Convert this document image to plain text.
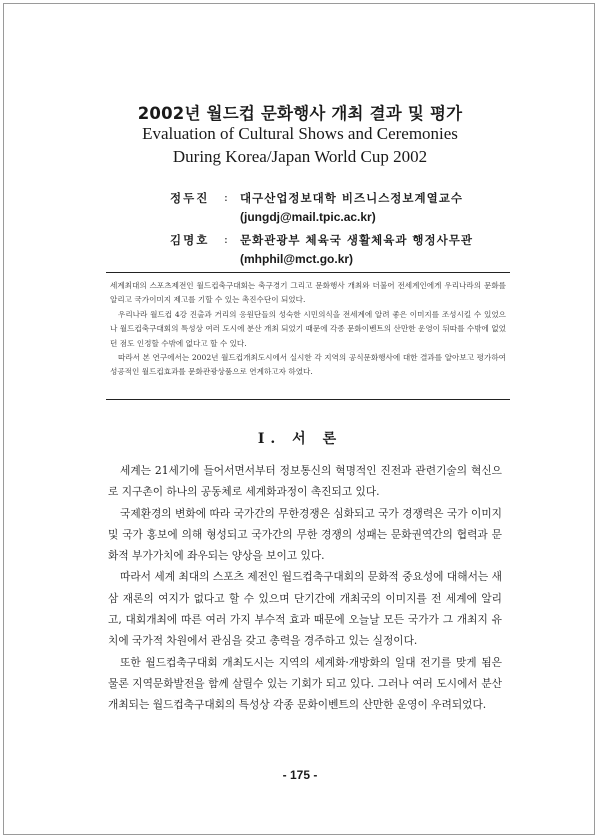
2002년 월드컵 문화행사 개최 결과 및 평가

Evaluation of Cultural Shows and Ceremonies

During Korea/Japan World Cup 2002

정두진 : 대구산업정보대학 비즈니스정보계열교수
(jungdj@mail.tpic.ac.kr)
김명호 : 문화관광부 체육국 생활체육과 행정사무관
(mhphil@mct.go.kr)

세계최대의 스포츠제전인 월드컵축구대회는 축구경기 그리고 문화행사 개최와 더불어 전세계인에게 우리나라의 문화를 알리고 국가이미지 제고를 기할 수 있는 촉진수단이 되었다.

우리나라 월드컵 4강 진출과 거리의 응원단들의 성숙한 시민의식을 전세계에 알려 좋은 이미지를 조성시킬 수 있었으나 월드컵축구대회의 특성상 여러 도시에 분산 개최 되었기 때문에 각종 문화이벤트의 산만한 운영이 뒤따를 수밖에 없었던 점도 인정할 수밖에 없다고 할 수 있다.

따라서 본 연구에서는 2002년 월드컵개최도시에서 실시한 각 지역의 공식문화행사에 대한 결과를 알아보고 평가하여 성공적인 월드컵효과를 문화관광상품으로 연계하고자 하였다.

Ⅰ. 서 론

세계는 21세기에 들어서면서부터 정보통신의 혁명적인 진전과 관련기술의 혁신으로 지구촌이 하나의 공동체로 세계화과정이 촉진되고 있다.

국제환경의 변화에 따라 국가간의 무한경쟁은 심화되고 국가 경쟁력은 국가 이미지 및 국가 홍보에 의해 형성되고 국가간의 무한 경쟁의 성패는 문화권역간의 협력과 문화적 부가가치에 좌우되는 양상을 보이고 있다.

따라서 세계 최대의 스포츠 제전인 월드컵축구대회의 문화적 중요성에 대해서는 새삼 재론의 여지가 없다고 할 수 있으며 단기간에 개최국의 이미지를 전 세계에 알리고, 대회개최에 따른 여러 가지 부수적 효과 때문에 오늘날 모든 국가가 그 개최지 유치에 국가적 차원에서 관심을 갖고 총력을 경주하고 있는 실정이다.

또한 월드컵축구대회 개최도시는 지역의 세계화·개방화의 일대 전기를 맞게 됨은 물론 지역문화발전을 함께 살릴수 있는 기회가 되고 있다. 그러나 여러 도시에서 분산 개최되는 월드컵축구대회의 특성상 각종 문화이벤트의 산만한 운영이 우려되었다.

- 175 -
